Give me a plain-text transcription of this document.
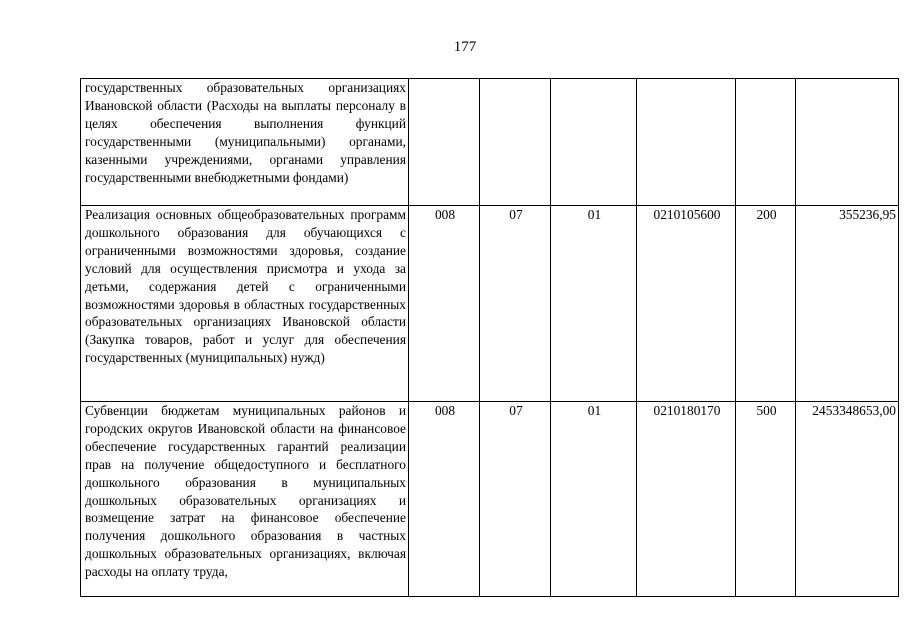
177
государственных образовательных организациях Ивановской области (Расходы на выплаты персоналу в целях обеспечения выполнения функций государственными (муниципальными) органами, казенными учреждениями, органами управления государственными внебюджетными фондами)						
Реализация основных общеобразовательных программ дошкольного образования для обучающихся с ограниченными возможностями здоровья, создание условий для осуществления присмотра и ухода за детьми, содержания детей с ограниченными возможностями здоровья в областных государственных образовательных организациях Ивановской области (Закупка товаров, работ и услуг для обеспечения государственных (муниципальных) нужд)	008	07	01	0210105600	200	355236,95
Субвенции бюджетам муниципальных районов и городских округов Ивановской области на финансовое обеспечение государственных гарантий реализации прав на получение общедоступного и бесплатного дошкольного образования в муниципальных дошкольных образовательных организациях и возмещение затрат на финансовое обеспечение получения дошкольного образования в частных дошкольных образовательных организациях, включая расходы на оплату труда,	008	07	01	0210180170	500	2453348653,00
